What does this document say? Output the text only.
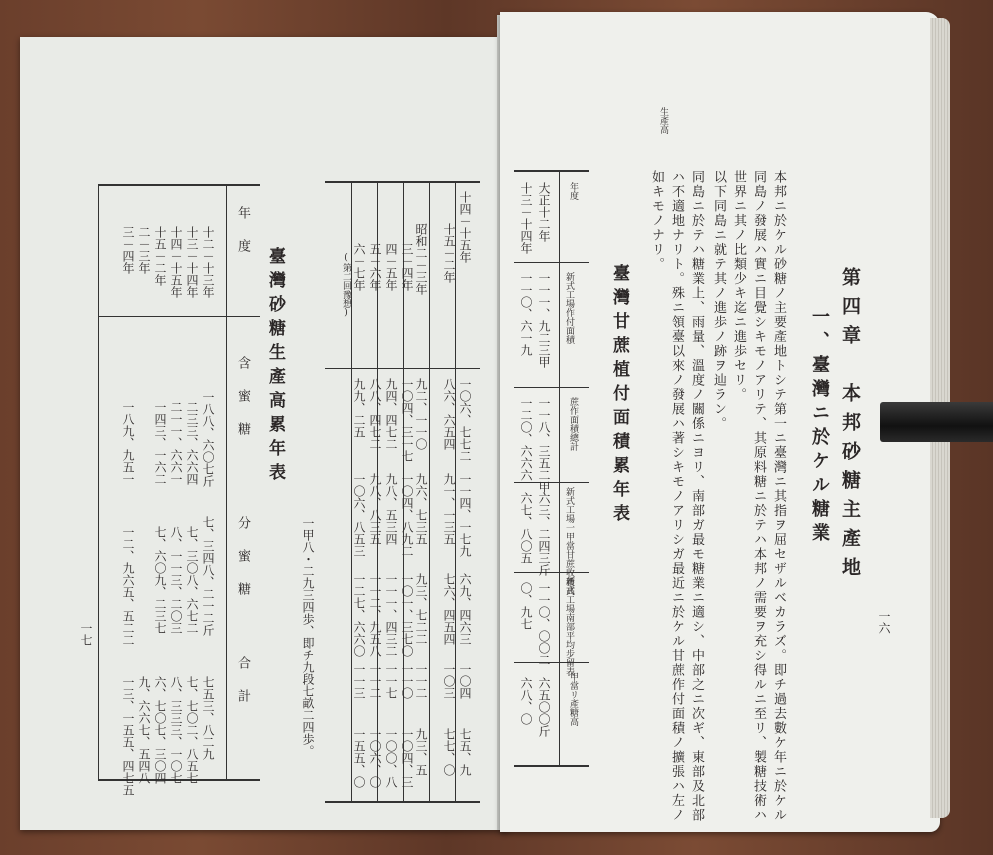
十四－十五年
十五－二年
昭和二－三年
三－四年
四－五年
五－六年
六－七年
(第二回豫想)
一〇六、七七二
八六、六五四
九二、一一〇
一〇四、三一七
九四、四七二
八八、四七二
九九、二五
一一四、一七九
九一、一三五
九六、七三五
一〇四、八九二
九八、五三四
九八、八三五
一〇六、八五三
六九、四六三
七六、四五四
九三、七二二
一〇一、三七〇
一一一、四三二
一一二、九五八
一二七、六六〇
一〇四
一〇三
一一二
一一〇
一一七
一一二
一一三
七五、九
七七、〇
九三、五
一〇四、三
一〇〇、八
一〇六、〇
一五五、〇
一甲八・二九三四歩、即チ九段七畝二四歩。
臺灣砂糖生產高累年表
年度
含蜜糖
分蜜糖
合計
十二－十三年
十三－十四年
十四－十五年
十五－二年
二－三年
三－四年
一八八、六〇七斤
二三三、六六四
二一一、六六一
一四三、一六二
一八九、九五一
七、三四八、二一二斤
七、三〇八、六七二
八、一一三、二〇三
七、六〇九、二三七
一二、九六五、五二二
七五三、八二九
七、七〇二、八五七
八、三三三、一〇七
六、七〇七、三〇四
九、六六七、五四八
一三、一五五、四七五
一七
生產高
第四章　本邦砂糖主產地
一、臺灣ニ於ケル糖業
本邦ニ於ケル砂糖ノ主要產地トシテ第一ニ臺灣ニ其指ヲ屈セザルベカラズ。即チ過去數ケ年ニ於ケル
同島ノ發展ハ實ニ目覺シキモノアリテ、其原料糖ニ於テハ本邦ノ需要ヲ充シ得ルニ至リ、製糖技術ハ
世界ニ其ノ比類少キ迄ニ進歩セリ。
以下同島ニ就テ其ノ進歩ノ跡ヲ辿ラン。
同島ニ於テハ糖業上、雨量、溫度ノ關係ニヨリ、南部ガ最モ糖業ニ適シ、中部之ニ次ギ、東部及北部
ハ不適地ナリト。殊ニ領臺以來ノ發展ハ著シキモノアリシガ最近ニ於ケル甘蔗作付面積ノ擴張ハ左ノ
如キモノナリ。
臺灣甘蔗植付面積累年表
年度
新式工場作付面積
蔗作面積總計
新式工場一甲當甘蔗收穫高
新式工場南部平均步留表
甲當リ產糖高
大正十二年
一一一、九二三甲
一一八、三五二甲
六三、二四三斤
一一〇、〇〇二
六五〇〇斤
十三－十四年
一一〇、六一九
一二〇、六六六
六七、八〇五
〇、九七
六八、〇
一六
